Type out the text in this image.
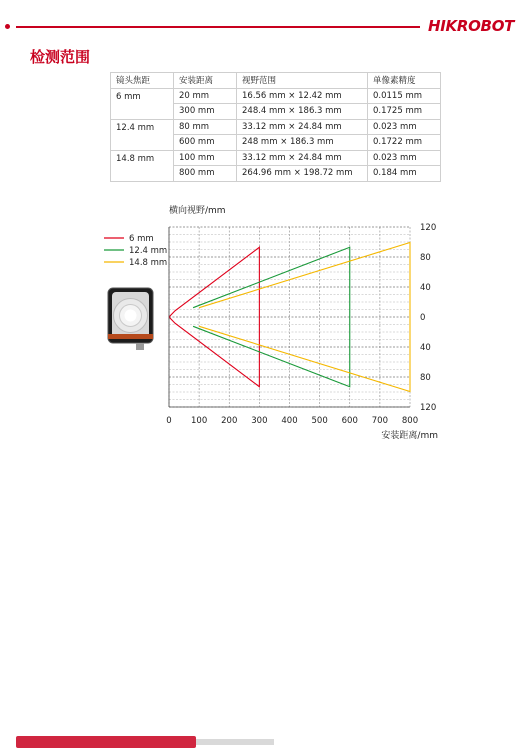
HIKROBOT
检测范围
镜头焦距	安装距离	视野范围	单像素精度
6 mm	20 mm	16.56 mm × 12.42 mm	0.0115 mm
	300 mm	248.4 mm × 186.3 mm	0.1725 mm
12.4 mm	80 mm	33.12 mm × 24.84 mm	0.023 mm
	600 mm	248 mm × 186.3 mm	0.1722 mm
14.8 mm	100 mm	33.12 mm × 24.84 mm	0.023 mm
	800 mm	264.96 mm × 198.72 mm	0.184 mm
0 100 200 300 400 500 600 700 800
120
80
40
0
40
80
120
安装距离/mm
横向视野/mm
6 mm
12.4 mm
14.8 mm
